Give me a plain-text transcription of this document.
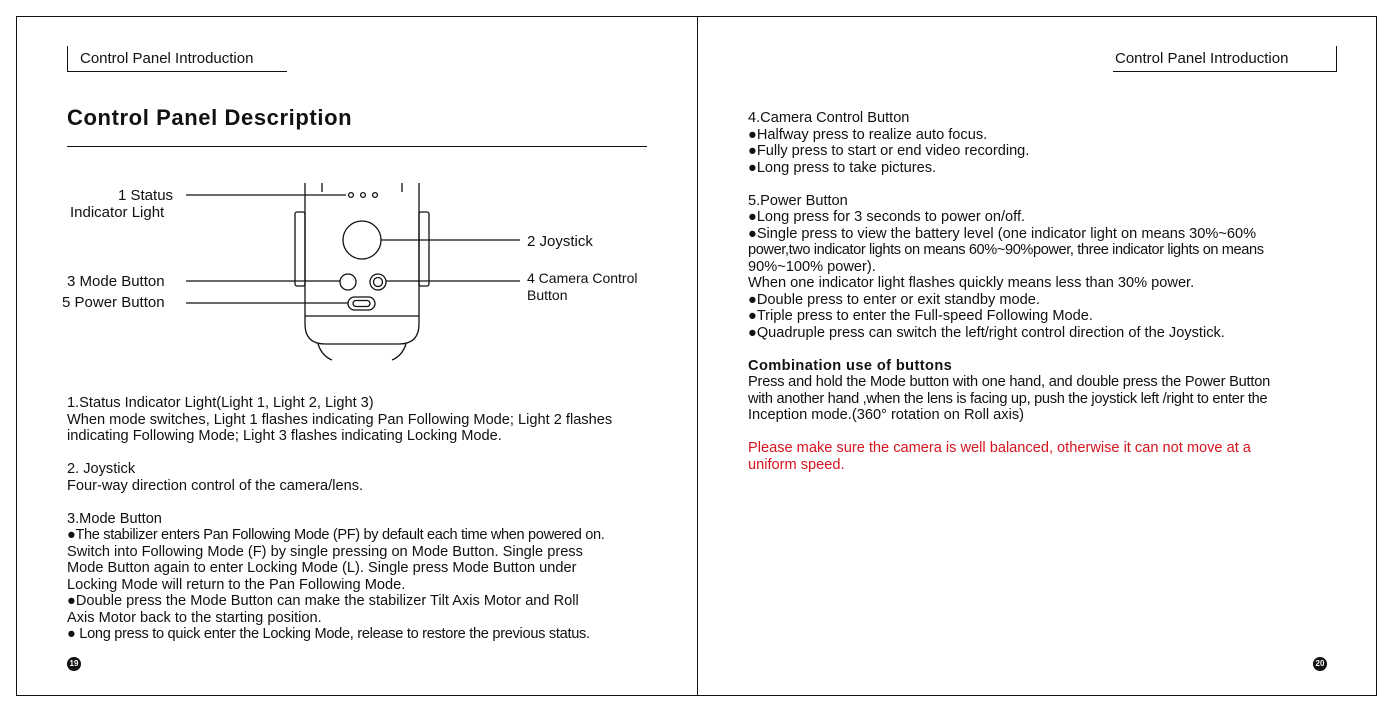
Control Panel Introduction	Control Panel Introduction
Control Panel Description
1 Status
Indicator Light
2 Joystick
3 Mode Button	4 Camera Control
Button
5 Power Button

1.Status Indicator Light(Light 1, Light 2, Light 3)

When mode switches, Light 1 flashes indicating Pan Following Mode; Light 2 flashes

indicating Following Mode; Light 3 flashes indicating Locking Mode.

2. Joystick

Four-way direction control of the camera/lens.

3.Mode Button

●The stabilizer enters Pan Following Mode (PF) by default each time when powered on.

Switch into Following Mode (F) by single pressing on Mode Button. Single press

Mode Button again to enter Locking Mode (L). Single press Mode Button under

Locking Mode will return to the Pan Following Mode.

●Double press the Mode Button can make the stabilizer Tilt Axis Motor and Roll

Axis Motor back to the starting position.

● Long press to quick enter the Locking Mode, release to restore the previous status.

4.Camera Control Button

●Halfway press to realize auto focus.

●Fully press to start or end video recording.

●Long press to take pictures.

5.Power Button

●Long press for 3 seconds to power on/off.

●Single press to view the battery level (one indicator light on means 30%~60%

power,two indicator lights on means 60%~90%power, three indicator lights on means

90%~100% power).

When one indicator light flashes quickly means less than 30% power.

●Double press to enter or exit standby mode.

●Triple press to enter the Full-speed Following Mode.

●Quadruple press can switch the left/right control direction of the Joystick.

Combination use of buttons

Press and hold the Mode button with one hand, and double press the Power Button

with another hand ,when the lens is facing up, push the joystick left /right to enter the

Inception mode.(360° rotation on Roll axis)

Please make sure the camera is well balanced, otherwise it can not move at a

uniform speed.

19	20
